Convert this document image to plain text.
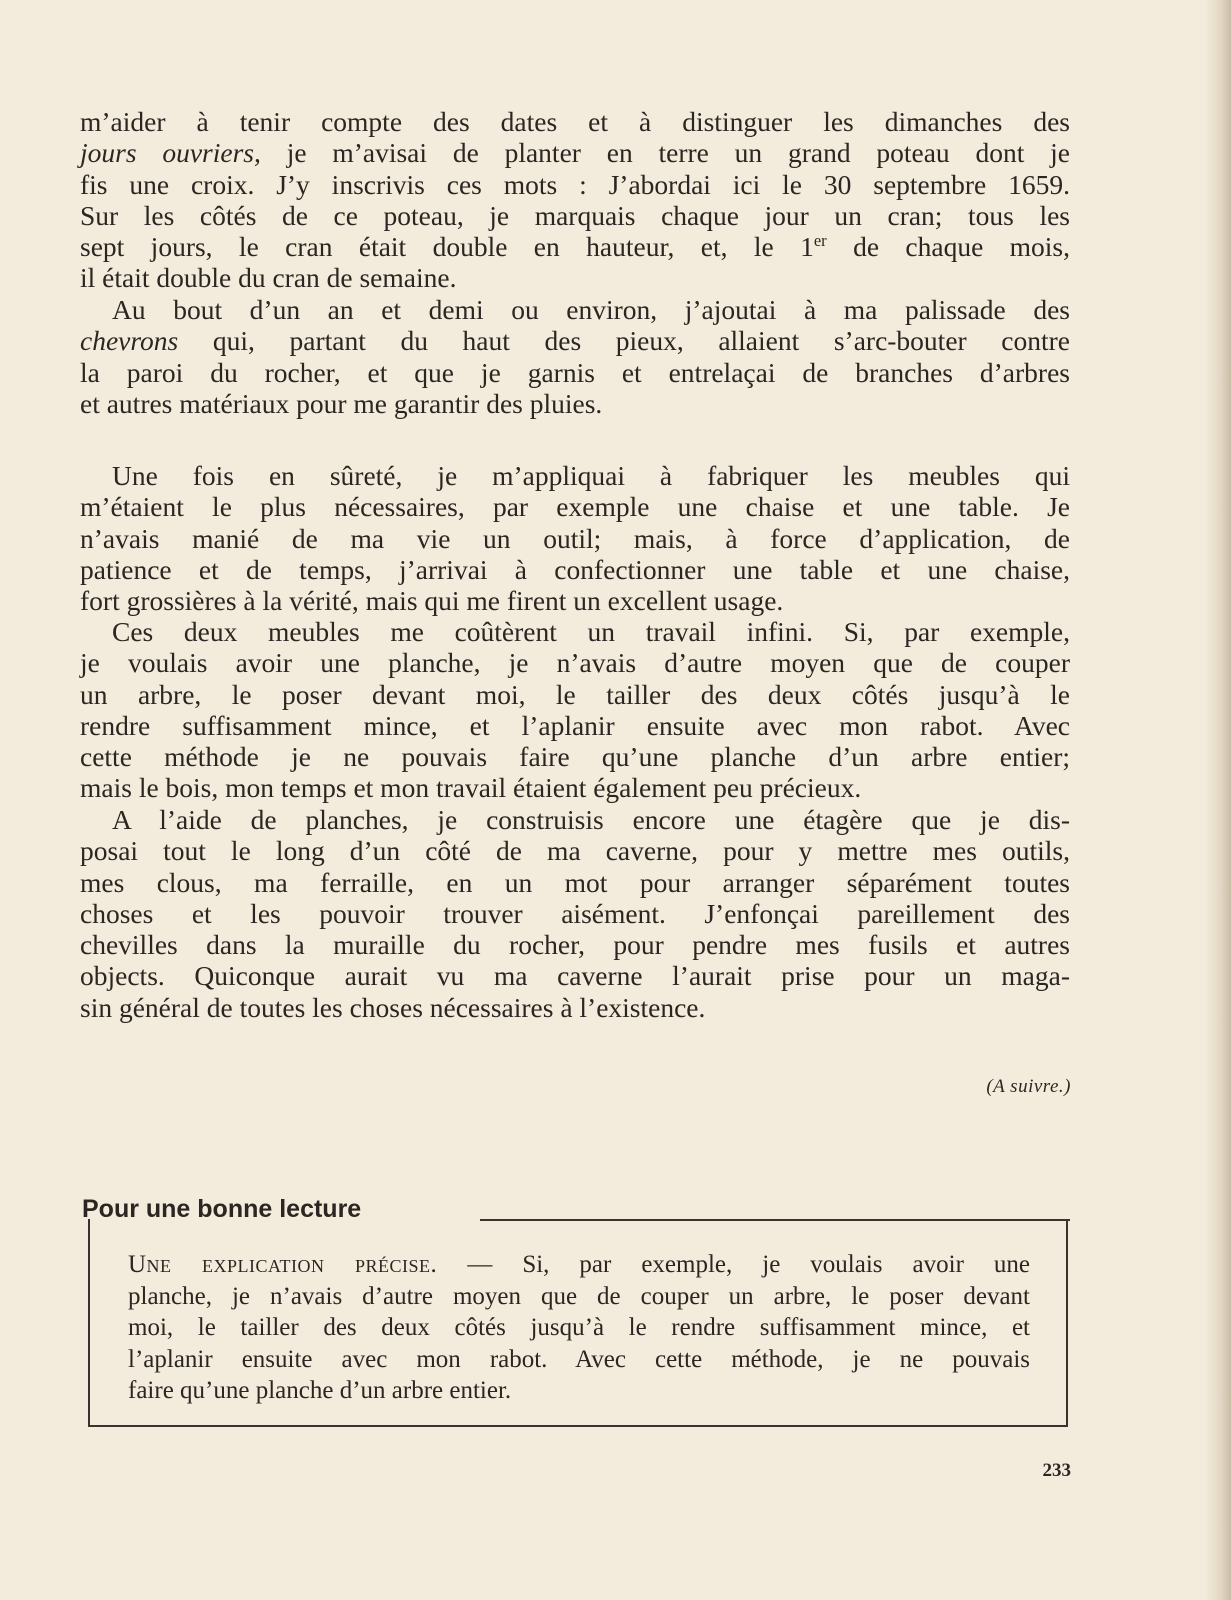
m’aider à tenir compte des dates et à distinguer les dimanches des
jours ouvriers, je m’avisai de planter en terre un grand poteau dont je
fis une croix. J’y inscrivis ces mots : J’abordai ici le 30 septembre 1659.
Sur les côtés de ce poteau, je marquais chaque jour un cran; tous les
sept jours, le cran était double en hauteur, et, le 1er de chaque mois,
il était double du cran de semaine.

Au bout d’un an et demi ou environ, j’ajoutai à ma palissade des
chevrons qui, partant du haut des pieux, allaient s’arc-bouter contre
la paroi du rocher, et que je garnis et entrelaçai de branches d’arbres
et autres matériaux pour me garantir des pluies.

Une fois en sûreté, je m’appliquai à fabriquer les meubles qui
m’étaient le plus nécessaires, par exemple une chaise et une table. Je
n’avais manié de ma vie un outil; mais, à force d’application, de
patience et de temps, j’arrivai à confectionner une table et une chaise,
fort grossières à la vérité, mais qui me firent un excellent usage.

Ces deux meubles me coûtèrent un travail infini. Si, par exemple,
je voulais avoir une planche, je n’avais d’autre moyen que de couper
un arbre, le poser devant moi, le tailler des deux côtés jusqu’à le
rendre suffisamment mince, et l’aplanir ensuite avec mon rabot. Avec
cette méthode je ne pouvais faire qu’une planche d’un arbre entier;
mais le bois, mon temps et mon travail étaient également peu précieux.

A l’aide de planches, je construisis encore une étagère que je dis-
posai tout le long d’un côté de ma caverne, pour y mettre mes outils,
mes clous, ma ferraille, en un mot pour arranger séparément toutes
choses et les pouvoir trouver aisément. J’enfonçai pareillement des
chevilles dans la muraille du rocher, pour pendre mes fusils et autres
objects. Quiconque aurait vu ma caverne l’aurait prise pour un maga-
sin général de toutes les choses nécessaires à l’existence.

(A suivre.)
Pour une bonne lecture
Une explication précise. — Si, par exemple, je voulais avoir une
planche, je n’avais d’autre moyen que de couper un arbre, le poser devant
moi, le tailler des deux côtés jusqu’à le rendre suffisamment mince, et
l’aplanir ensuite avec mon rabot. Avec cette méthode, je ne pouvais
faire qu’une planche d’un arbre entier.
233
